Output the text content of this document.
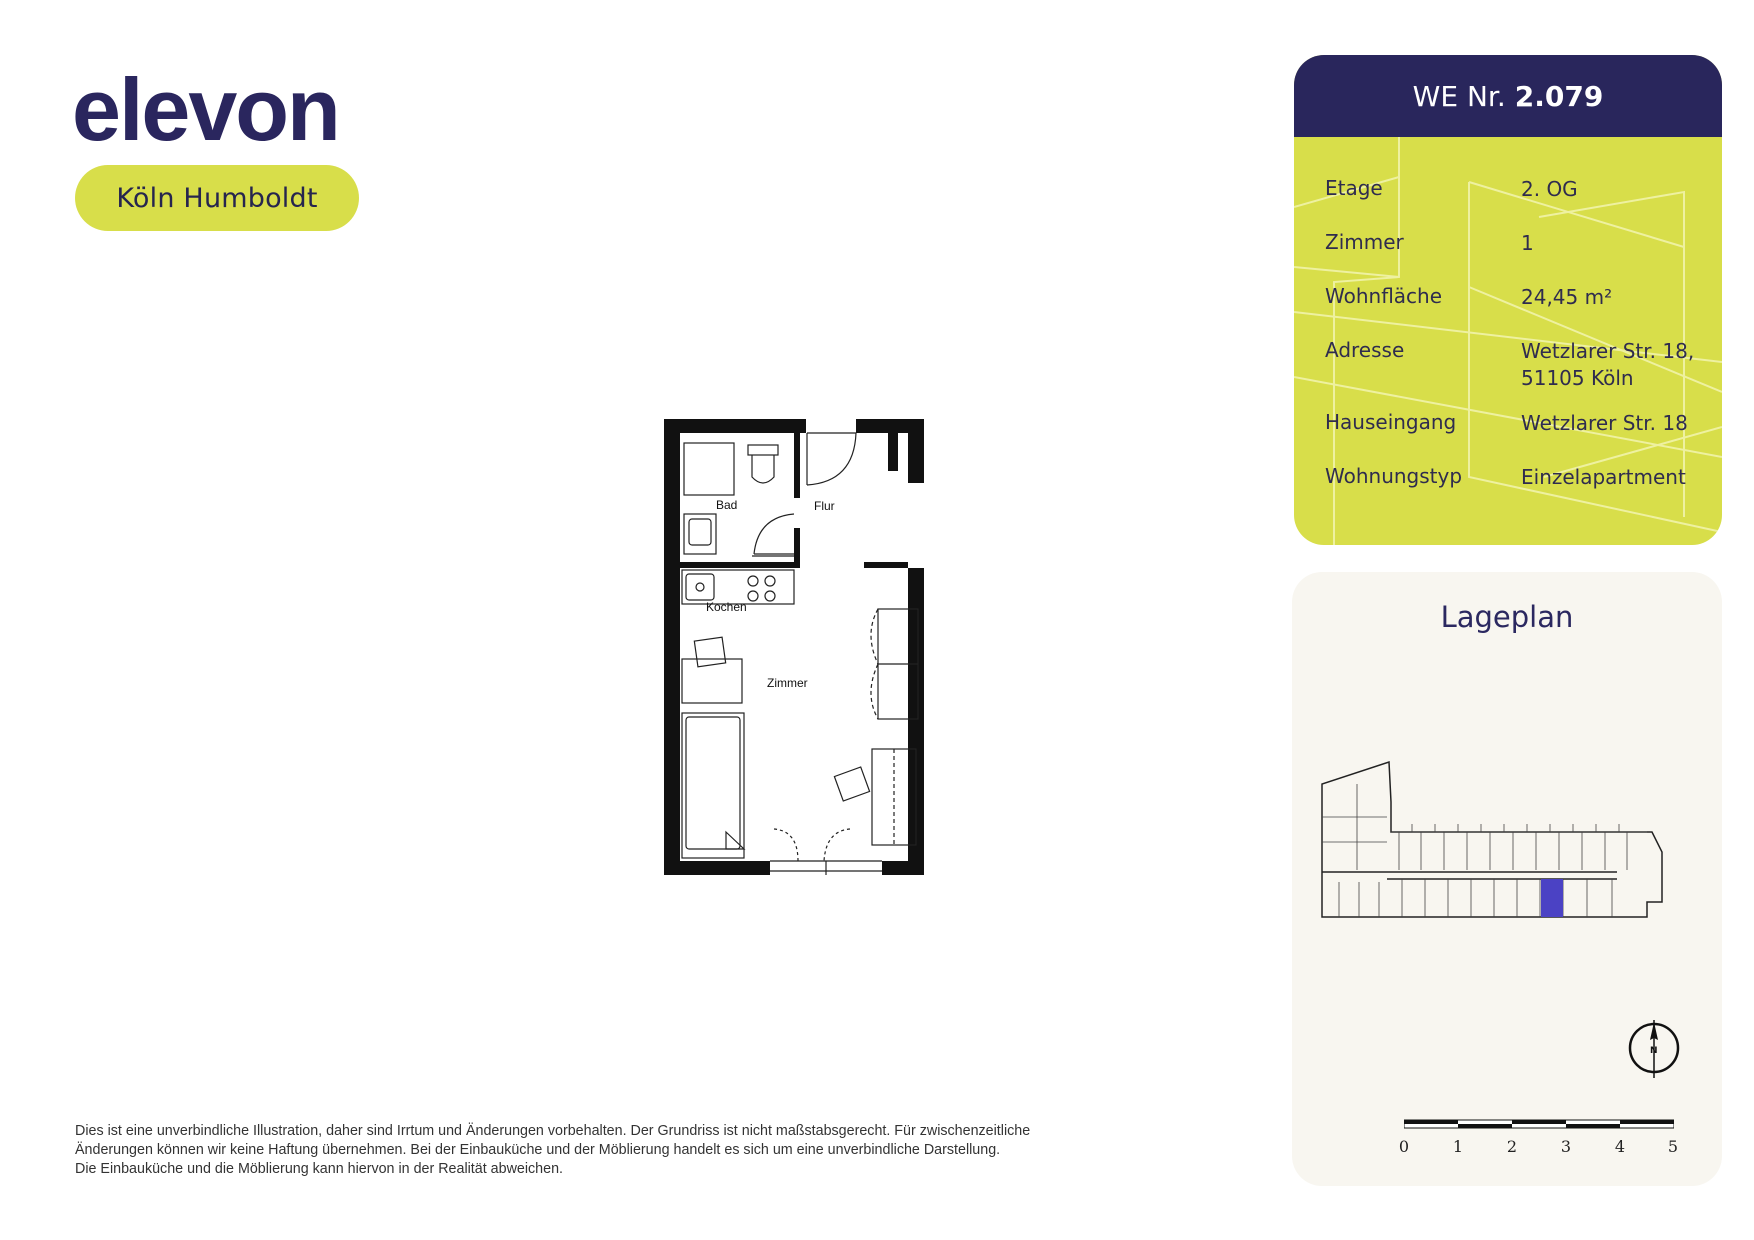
elevon
Köln Humboldt
Bad	Flur
Kochen
Zimmer
WE Nr. 2.079
Etage	2. OG
Zimmer	1
Wohnfläche	24,45 m²
Adresse	Wetzlarer Str. 18,
51105 Köln
Hauseingang	Wetzlarer Str. 18
Wohnungstyp	Einzelapartment
Lageplan
N
0	1	2	3	4	5
Dies ist eine unverbindliche Illustration, daher sind Irrtum und Änderungen vorbehalten. Der Grundriss ist nicht maßstabsgerecht. Für zwischenzeitliche
Änderungen können wir keine Haftung übernehmen. Bei der Einbauküche und der Möblierung handelt es sich um eine unverbindliche Darstellung.
Die Einbauküche und die Möblierung kann hiervon in der Realität abweichen.
